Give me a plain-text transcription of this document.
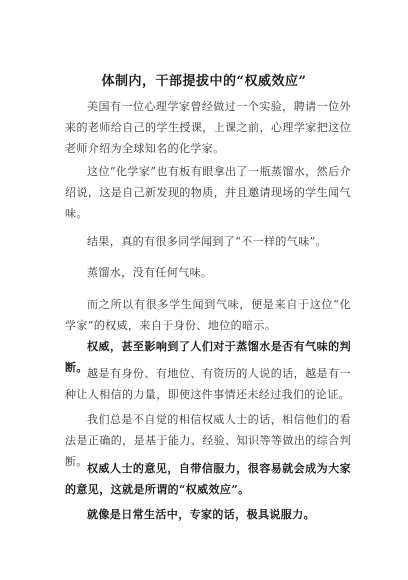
体制内，干部提拔中的“权威效应”

美国有一位心理学家曾经做过一个实验，聘请一位外来的老师给自己的学生授课，上课之前，心理学家把这位老师介绍为全球知名的化学家。

这位“化学家”也有板有眼拿出了一瓶蒸馏水，然后介绍说，这是自己新发现的物质，并且邀请现场的学生闻气味。

结果，真的有很多同学闻到了“不一样的气味”。

蒸馏水，没有任何气味。

而之所以有很多学生闻到气味，便是来自于这位“化学家”的权威，来自于身份、地位的暗示。

权威，甚至影响到了人们对于蒸馏水是否有气味的判断。 越是有身份、有地位、有资历的人说的话，越是有一种让人相信的力量，即使这件事情还未经过我们的论证。

我们总是不自觉的相信权威人士的话，相信他们的看法是正确的，是基于能力、经验、知识等等做出的综合判断。

权威人士的意见，自带信服力，很容易就会成为大家的意见，这就是所谓的“权威效应”。

就像是日常生活中，专家的话，极具说服力。
